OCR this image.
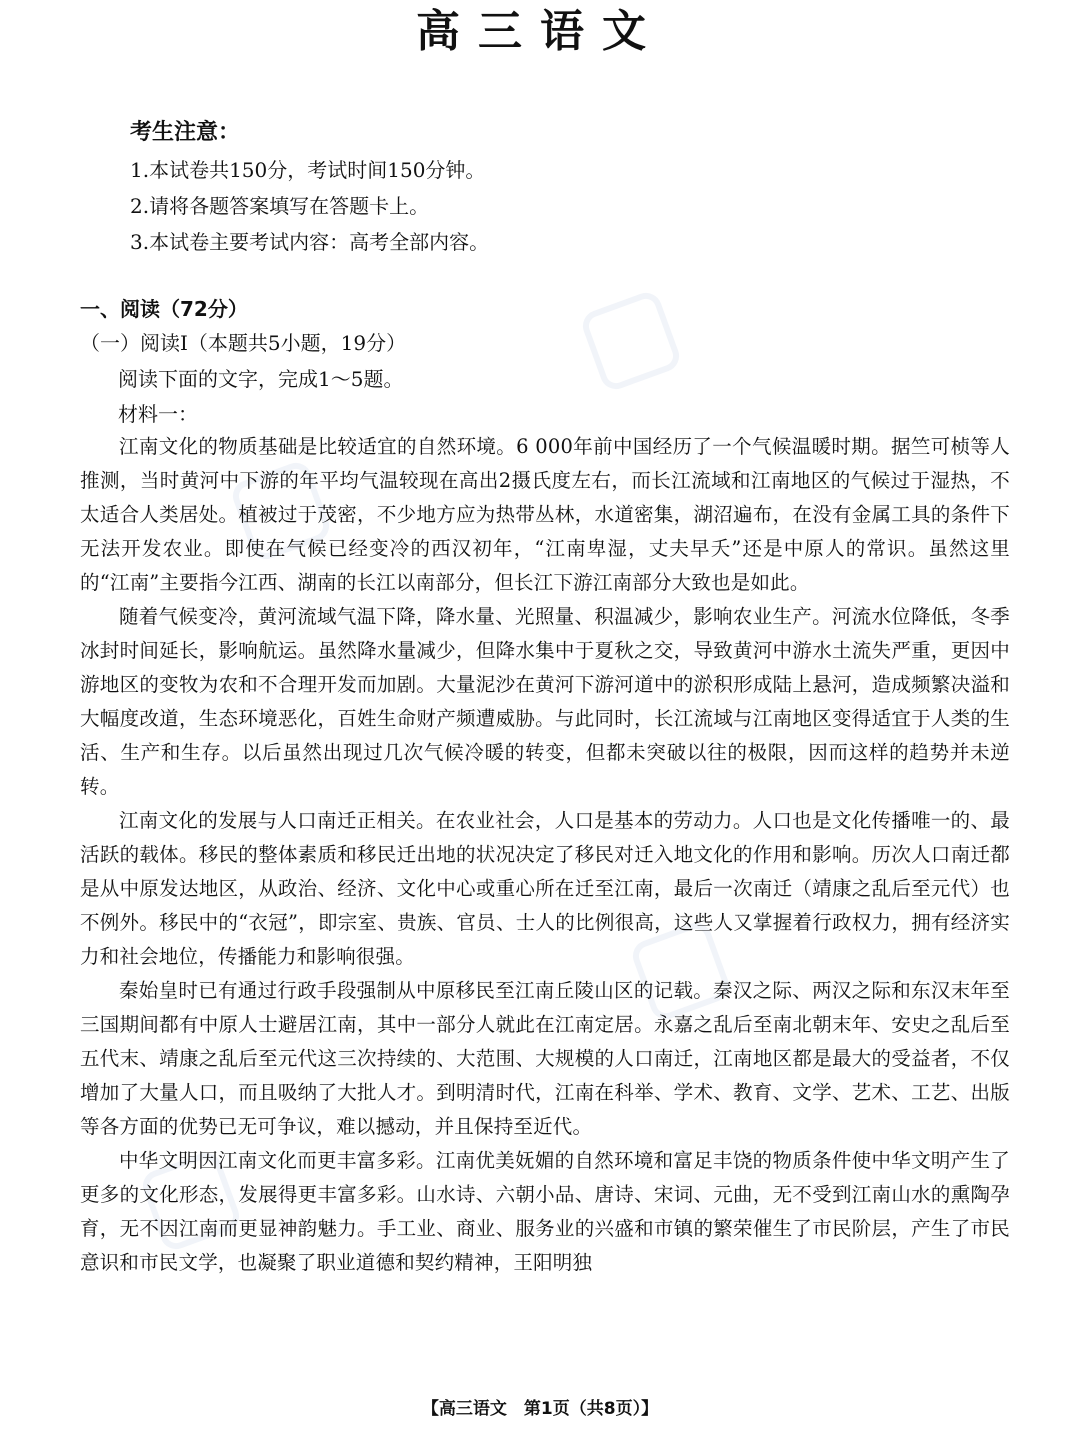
高三语文
考生注意：
1.本试卷共150分，考试时间150分钟。
2.请将各题答案填写在答题卡上。
3.本试卷主要考试内容：高考全部内容。
一、阅读（72分）
（一）阅读Ⅰ（本题共5小题，19分）
阅读下面的文字，完成1～5题。
材料一：

江南文化的物质基础是比较适宜的自然环境。6 000年前中国经历了一个气候温暖时期。据竺可桢等人推测，当时黄河中下游的年平均气温较现在高出2摄氏度左右，而长江流域和江南地区的气候过于湿热，不太适合人类居处。植被过于茂密，不少地方应为热带丛林，水道密集，湖沼遍布，在没有金属工具的条件下无法开发农业。即使在气候已经变冷的西汉初年，“江南卑湿，丈夫早夭”还是中原人的常识。虽然这里的“江南”主要指今江西、湖南的长江以南部分，但长江下游江南部分大致也是如此。

随着气候变冷，黄河流域气温下降，降水量、光照量、积温减少，影响农业生产。河流水位降低，冬季冰封时间延长，影响航运。虽然降水量减少，但降水集中于夏秋之交，导致黄河中游水土流失严重，更因中游地区的变牧为农和不合理开发而加剧。大量泥沙在黄河下游河道中的淤积形成陆上悬河，造成频繁决溢和大幅度改道，生态环境恶化，百姓生命财产频遭威胁。与此同时，长江流域与江南地区变得适宜于人类的生活、生产和生存。以后虽然出现过几次气候冷暖的转变，但都未突破以往的极限，因而这样的趋势并未逆转。

江南文化的发展与人口南迁正相关。在农业社会，人口是基本的劳动力。人口也是文化传播唯一的、最活跃的载体。移民的整体素质和移民迁出地的状况决定了移民对迁入地文化的作用和影响。历次人口南迁都是从中原发达地区，从政治、经济、文化中心或重心所在迁至江南，最后一次南迁（靖康之乱后至元代）也不例外。移民中的“衣冠”，即宗室、贵族、官员、士人的比例很高，这些人又掌握着行政权力，拥有经济实力和社会地位，传播能力和影响很强。

秦始皇时已有通过行政手段强制从中原移民至江南丘陵山区的记载。秦汉之际、两汉之际和东汉末年至三国期间都有中原人士避居江南，其中一部分人就此在江南定居。永嘉之乱后至南北朝末年、安史之乱后至五代末、靖康之乱后至元代这三次持续的、大范围、大规模的人口南迁，江南地区都是最大的受益者，不仅增加了大量人口，而且吸纳了大批人才。到明清时代，江南在科举、学术、教育、文学、艺术、工艺、出版等各方面的优势已无可争议，难以撼动，并且保持至近代。

中华文明因江南文化而更丰富多彩。江南优美妩媚的自然环境和富足丰饶的物质条件使中华文明产生了更多的文化形态，发展得更丰富多彩。山水诗、六朝小品、唐诗、宋词、元曲，无不受到江南山水的熏陶孕育，无不因江南而更显神韵魅力。手工业、商业、服务业的兴盛和市镇的繁荣催生了市民阶层，产生了市民意识和市民文学，也凝聚了职业道德和契约精神，王阳明独

【高三语文　第1页（共8页）】
